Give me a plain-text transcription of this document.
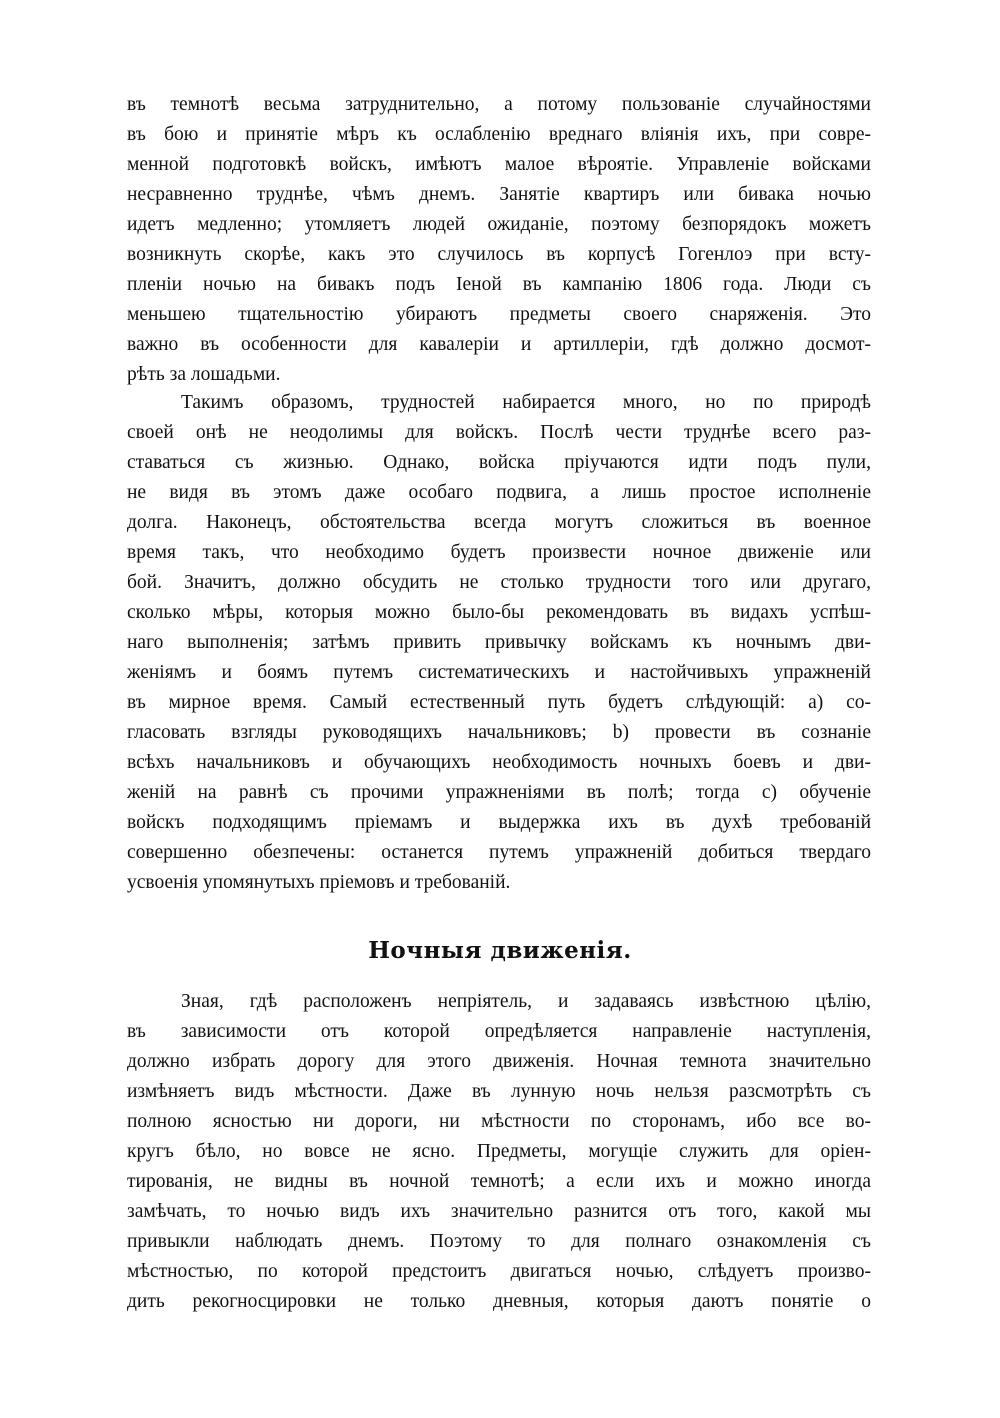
въ темнотѣ весьма затруднительно, а потому пользованіе случайностями
въ бою и принятіе мѣръ къ ослабленію вреднаго вліянія ихъ, при совре-
менной подготовкѣ войскъ, имѣютъ малое вѣроятіе. Управленіе войсками
несравненно труднѣе, чѣмъ днемъ. Занятіе квартиръ или бивака ночью
идетъ медленно; утомляетъ людей ожиданіе, поэтому безпорядокъ можетъ
возникнуть скорѣе, какъ это случилось въ корпусѣ Гогенлоэ при всту-
пленіи ночью на бивакъ подъ Іеной въ кампанію 1806 года. Люди съ
меньшею тщательностію убираютъ предметы своего снаряженія. Это
важно въ особенности для кавалеріи и артиллеріи, гдѣ должно досмот-
рѣть за лошадьми.
Такимъ образомъ, трудностей набирается много, но по природѣ
своей онѣ не неодолимы для войскъ. Послѣ чести труднѣе всего раз-
ставаться съ жизнью. Однако, войска пріучаются идти подъ пули,
не видя въ этомъ даже особаго подвига, а лишь простое исполненіе
долга. Наконецъ, обстоятельства всегда могутъ сложиться въ военное
время такъ, что необходимо будетъ произвести ночное движеніе или
бой. Значитъ, должно обсудить не столько трудности того или другаго,
сколько мѣры, которыя можно было-бы рекомендовать въ видахъ успѣш-
наго выполненія; затѣмъ привить привычку войскамъ къ ночнымъ дви-
женіямъ и боямъ путемъ систематическихъ и настойчивыхъ упражненій
въ мирное время. Самый естественный путь будетъ слѣдующій: а) со-
гласовать взгляды руководящихъ начальниковъ; b) провести въ сознаніе
всѣхъ начальниковъ и обучающихъ необходимость ночныхъ боевъ и дви-
женій на равнѣ съ прочими упражненіями въ полѣ; тогда с) обученіе
войскъ подходящимъ пріемамъ и выдержка ихъ въ духѣ требованій
совершенно обезпечены: останется путемъ упражненій добиться твердаго
усвоенія упомянутыхъ пріемовъ и требованій.
Ночныя движенія.
Зная, гдѣ расположенъ непріятель, и задаваясь извѣстною цѣлію,
въ зависимости отъ которой опредѣляется направленіе наступленія,
должно избрать дорогу для этого движенія. Ночная темнота значительно
измѣняетъ видъ мѣстности. Даже въ лунную ночь нельзя разсмотрѣть съ
полною ясностью ни дороги, ни мѣстности по сторонамъ, ибо все во-
кругъ бѣло, но вовсе не ясно. Предметы, могущіе служить для оріен-
тированія, не видны въ ночной темнотѣ; а если ихъ и можно иногда
замѣчать, то ночью видъ ихъ значительно разнится отъ того, какой мы
привыкли наблюдать днемъ. Поэтому то для полнаго ознакомленія съ
мѣстностью, по которой предстоитъ двигаться ночью, слѣдуетъ произво-
дить рекогносцировки не только дневныя, которыя даютъ понятіе о
